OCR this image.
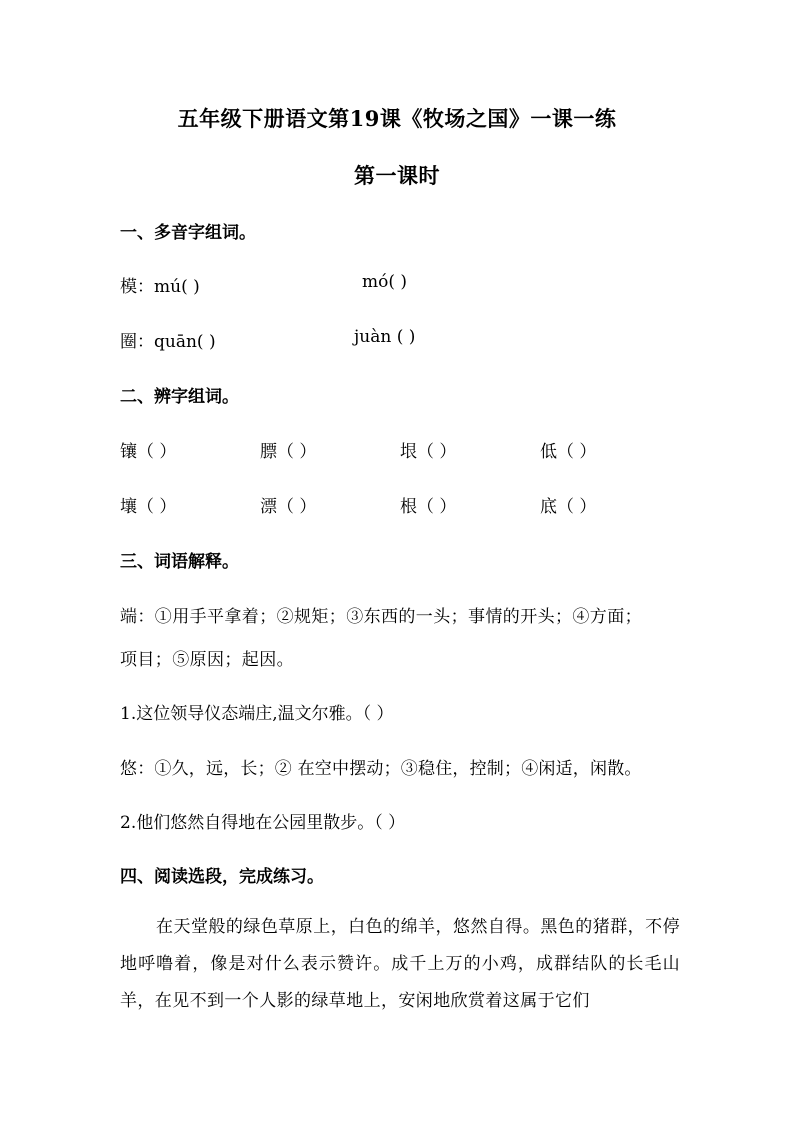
五年级下册语文第19课《牧场之国》一课一练
第一课时
一、多音字组词。
模：mú( )	mó( )
圈：quān( )	juàn ( )
二、辨字组词。
镶（ ）	膘（ ）	垠（ ）	低（ ）
壤（ ）	漂（ ）	根（ ）	底（ ）
三、词语解释。
端：①用手平拿着；②规矩；③东西的一头；事情的开头；④方面；
项目；⑤原因；起因。
1.这位领导仪态端庄,温文尔雅。（ ）
悠：①久，远，长；② 在空中摆动；③稳住，控制；④闲适，闲散。
2.他们悠然自得地在公园里散步。（ ）
四、阅读选段，完成练习。
在天堂般的绿色草原上，白色的绵羊，悠然自得。黑色的猪群，不停地呼噜着，像是对什么表示赞许。成千上万的小鸡，成群结队的长毛山羊，在见不到一个人影的绿草地上，安闲地欣赏着这属于它们
